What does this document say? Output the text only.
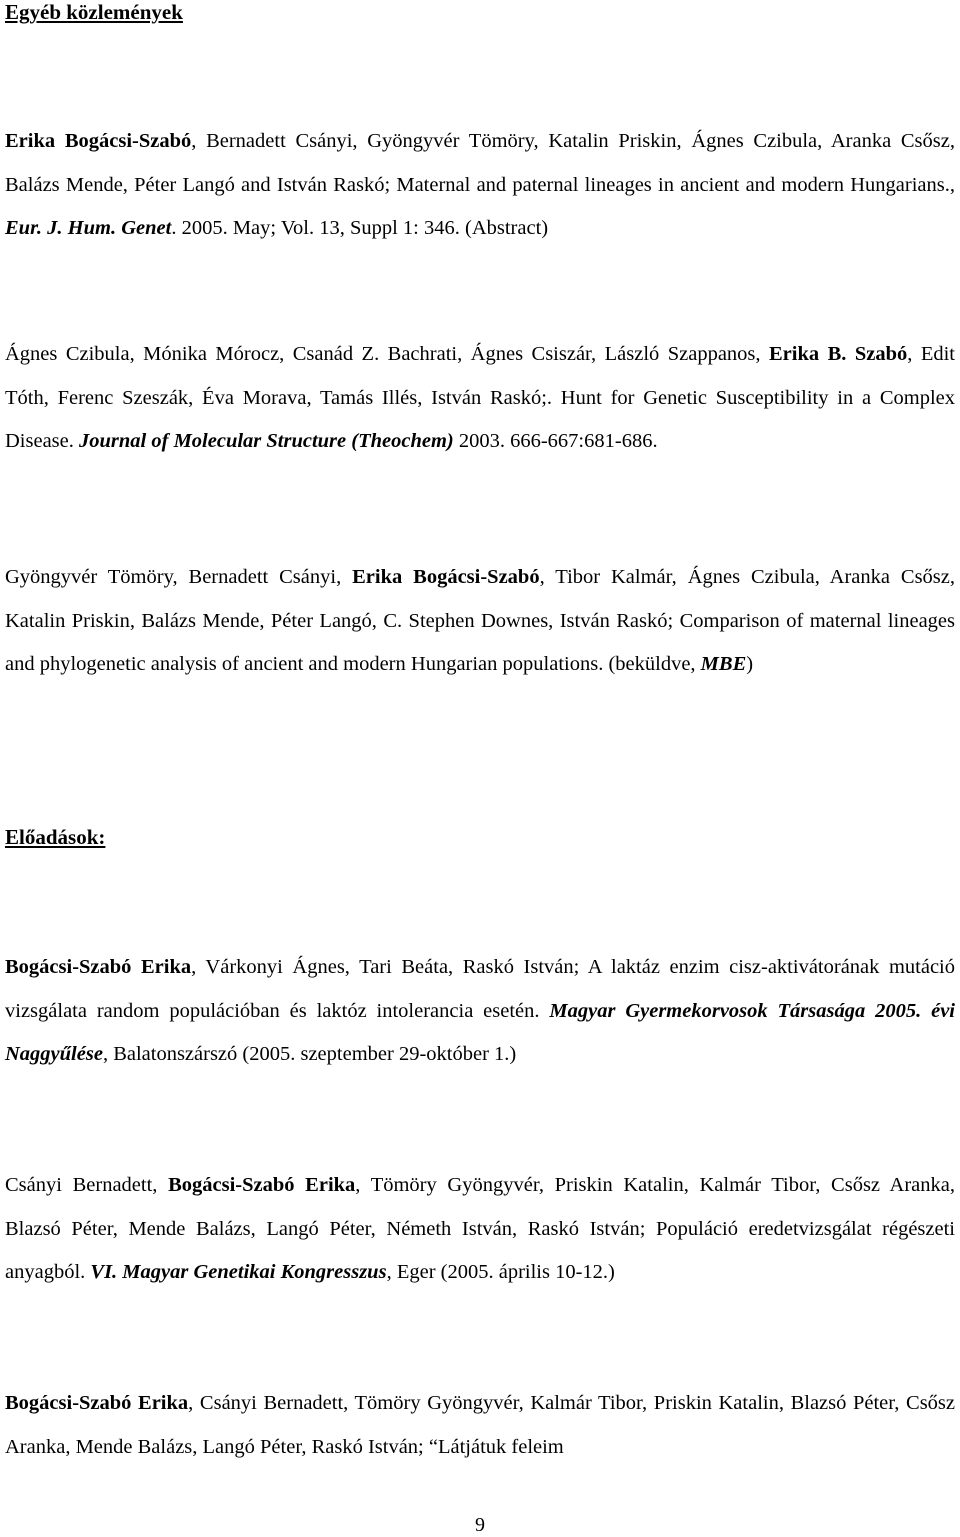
Egyéb közlemények

Erika Bogácsi-Szabó, Bernadett Csányi, Gyöngyvér Tömöry, Katalin Priskin, Ágnes Czibula, Aranka Csősz, Balázs Mende, Péter Langó and István Raskó; Maternal and paternal lineages in ancient and modern Hungarians., Eur. J. Hum. Genet. 2005. May; Vol. 13, Suppl 1: 346. (Abstract)

Ágnes Czibula, Mónika Mórocz, Csanád Z. Bachrati, Ágnes Csiszár, László Szappanos, Erika B. Szabó, Edit Tóth, Ferenc Szeszák, Éva Morava, Tamás Illés, István Raskó;. Hunt for Genetic Susceptibility in a Complex Disease. Journal of Molecular Structure (Theochem) 2003. 666-667:681-686.

Gyöngyvér Tömöry, Bernadett Csányi, Erika Bogácsi-Szabó, Tibor Kalmár, Ágnes Czibula, Aranka Csősz, Katalin Priskin, Balázs Mende, Péter Langó, C. Stephen Downes, István Raskó; Comparison of maternal lineages and phylogenetic analysis of ancient and modern Hungarian populations. (beküldve, MBE)

Előadások:

Bogácsi-Szabó Erika, Várkonyi Ágnes, Tari Beáta, Raskó István; A laktáz enzim cisz-aktivátorának mutáció vizsgálata random populációban és laktóz intolerancia esetén. Magyar Gyermekorvosok Társasága 2005. évi Naggyűlése, Balatonszárszó (2005. szeptember 29-október 1.)

Csányi Bernadett, Bogácsi-Szabó Erika, Tömöry Gyöngyvér, Priskin Katalin, Kalmár Tibor, Csősz Aranka, Blazsó Péter, Mende Balázs, Langó Péter, Németh István, Raskó István; Populáció eredetvizsgálat régészeti anyagból. VI. Magyar Genetikai Kongresszus, Eger (2005. április 10-12.)

Bogácsi-Szabó Erika, Csányi Bernadett, Tömöry Gyöngyvér, Kalmár Tibor, Priskin Katalin, Blazsó Péter, Csősz Aranka, Mende Balázs, Langó Péter, Raskó István; “Látjátuk feleim

9
